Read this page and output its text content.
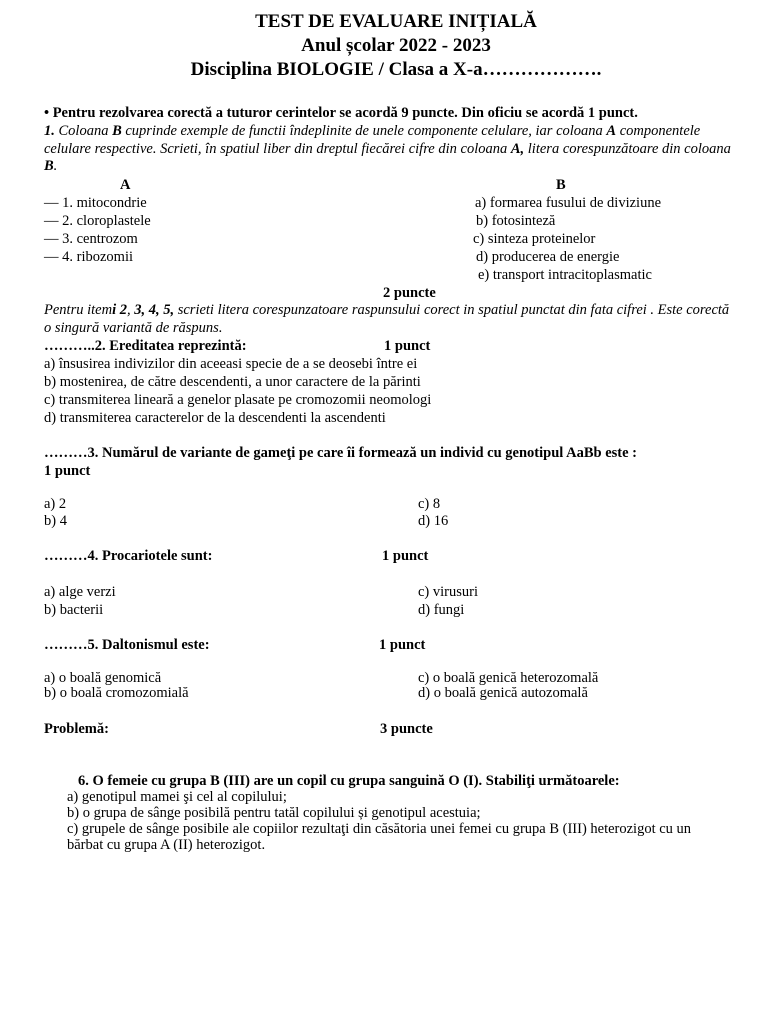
TEST DE EVALUARE INIȚIALĂ
Anul școlar 2022 - 2023
Disciplina BIOLOGIE / Clasa a X-a……………….
• Pentru rezolvarea corectă a tuturor cerintelor se acordă 9 puncte. Din oficiu se acordă 1 punct.
1. Coloana B cuprinde exemple de functii îndeplinite de unele componente celulare, iar coloana A componentele celulare respective. Scrieti, în spatiul liber din dreptul fiecărei cifre din coloana A, litera corespunzătoare din coloana B.
A	B
— 1. mitocondrie
— 2. cloroplastele
— 3. centrozom
— 4. ribozomii
a) formarea fusului de diviziune
b) fotosinteză
c) sinteza proteinelor
d) producerea de energie
e) transport intracitoplasmatic
2 puncte
Pentru itemi 2, 3, 4, 5, scrieti litera corespunzatoare raspunsului corect in spatiul punctat din fata cifrei . Este corectă o singură variantă de răspuns.
………..2. Ereditatea reprezintă:	1 punct
a) însusirea indivizilor din aceeasi specie de a se deosebi între ei
b) mostenirea, de către descendenti, a unor caractere de la părinti
c) transmiterea lineară a genelor plasate pe cromozomii neomologi
d) transmiterea caracterelor de la descendenti la ascendenti
………3. Numărul de variante de gameţi pe care îi formează un individ cu genotipul AaBb este :
1 punct
a) 2
b) 4
c) 8
d) 16
………4. Procariotele sunt:	1 punct
a) alge verzi
b) bacterii
c) virusuri
d) fungi
………5. Daltonismul este:	1 punct
a) o boală genomică
b) o boală cromozomială
c) o boală genică heterozomală
d) o boală genică autozomală
Problemă:	3 puncte
6. O femeie cu grupa B (III) are un copil cu grupa sanguină O (I). Stabiliţi următoarele:
a) genotipul mamei şi cel al copilului;
b) o grupa de sânge posibilă pentru tatăl copilului și genotipul acestuia;
c) grupele de sânge posibile ale copiilor rezultaţi din căsătoria unei femei cu grupa B (III) heterozigot cu un bărbat cu grupa A (II) heterozigot.
